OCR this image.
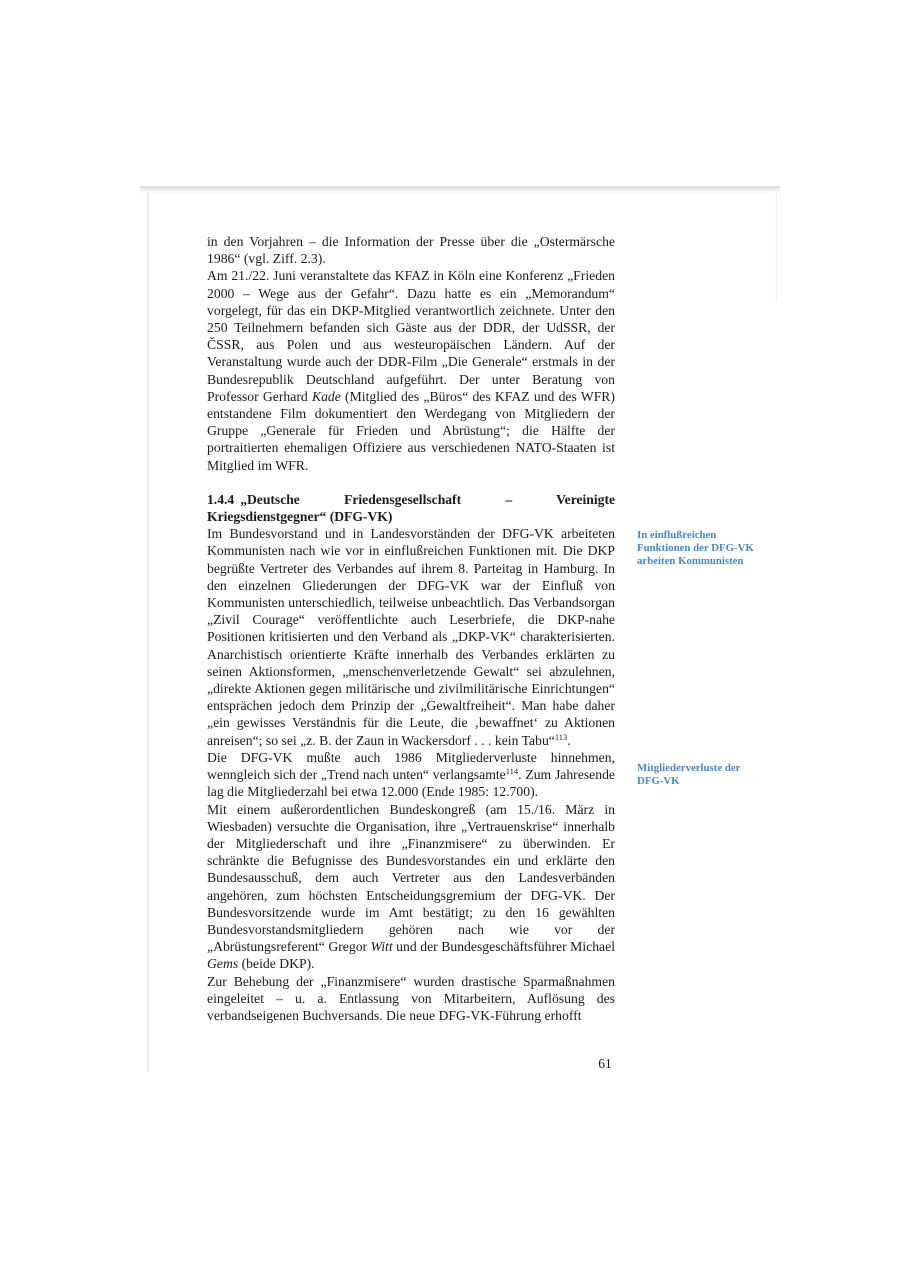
in den Vorjahren – die Information der Presse über die „Ostermärsche 1986“ (vgl. Ziff. 2.3).

Am 21./22. Juni veranstaltete das KFAZ in Köln eine Konferenz „Frieden 2000 – Wege aus der Gefahr“. Dazu hatte es ein „Memorandum“ vorgelegt, für das ein DKP-Mitglied verantwortlich zeichnete. Unter den 250 Teilnehmern befanden sich Gäste aus der DDR, der UdSSR, der ČSSR, aus Polen und aus westeuropäischen Ländern. Auf der Veranstaltung wurde auch der DDR-Film „Die Generale“ erstmals in der Bundesrepublik Deutschland aufgeführt. Der unter Beratung von Professor Gerhard Kade (Mitglied des „Büros“ des KFAZ und des WFR) entstandene Film dokumentiert den Werdegang von Mitgliedern der Gruppe „Generale für Frieden und Abrüstung“; die Hälfte der portraitierten ehemaligen Offiziere aus verschiedenen NATO-Staaten ist Mitglied im WFR.

1.4.4 „Deutsche Friedensgesellschaft – Vereinigte Kriegsdienstgegner“ (DFG-VK)

Im Bundesvorstand und in Landesvorständen der DFG-VK arbeiteten Kommunisten nach wie vor in einflußreichen Funktionen mit. Die DKP begrüßte Vertreter des Verbandes auf ihrem 8. Parteitag in Hamburg. In den einzelnen Gliederungen der DFG-VK war der Einfluß von Kommunisten unterschiedlich, teilweise unbeachtlich. Das Verbandsorgan „Zivil Courage“ veröffentlichte auch Leserbriefe, die DKP-nahe Positionen kritisierten und den Verband als „DKP-VK“ charakterisierten. Anarchistisch orientierte Kräfte innerhalb des Verbandes erklärten zu seinen Aktionsformen, „menschenverletzende Gewalt“ sei abzulehnen, „direkte Aktionen gegen militärische und zivilmilitärische Einrichtungen“ entsprächen jedoch dem Prinzip der „Gewaltfreiheit“. Man habe daher „ein gewisses Verständnis für die Leute, die ‚bewaffnet‘ zu Aktionen anreisen“; so sei „z. B. der Zaun in Wackersdorf . . . kein Tabu“$^{113}$.

Die DFG-VK mußte auch 1986 Mitgliederverluste hinnehmen, wenngleich sich der „Trend nach unten“ verlangsamte$^{114}$. Zum Jahresende lag die Mitgliederzahl bei etwa 12.000 (Ende 1985: 12.700).

Mit einem außerordentlichen Bundeskongreß (am 15./16. März in Wiesbaden) versuchte die Organisation, ihre „Vertrauenskrise“ innerhalb der Mitgliederschaft und ihre „Finanzmisere“ zu überwinden. Er schränkte die Befugnisse des Bundesvorstandes ein und erklärte den Bundesausschuß, dem auch Vertreter aus den Landesverbänden angehören, zum höchsten Entscheidungsgremium der DFG-VK. Der Bundesvorsitzende wurde im Amt bestätigt; zu den 16 gewählten Bundesvorstandsmitgliedern gehören nach wie vor der „Abrüstungsreferent“ Gregor Witt und der Bundesgeschäftsführer Michael Gems (beide DKP).

Zur Behebung der „Finanzmisere“ wurden drastische Sparmaßnahmen eingeleitet – u. a. Entlassung von Mitarbeitern, Auflösung des verbandseigenen Buchversands. Die neue DFG-VK-Führung erhofft

In einflußreichen Funktionen der DFG-VK arbeiten Kommunisten
Mitgliederverluste der DFG-VK
61
